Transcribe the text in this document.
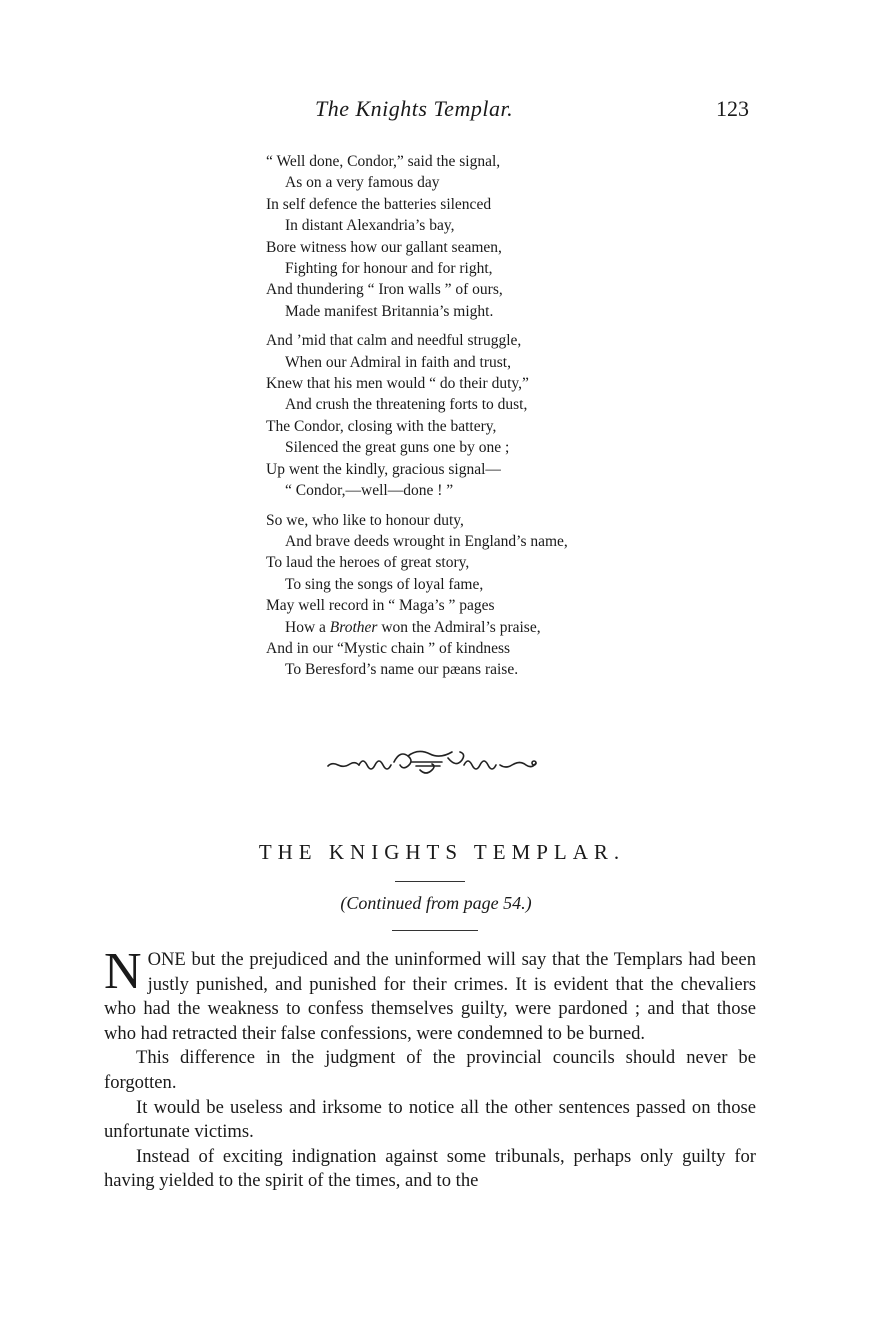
The Knights Templar.	123
“ Well done, Condor,” said the signal,
As on a very famous day
In self defence the batteries silenced
In distant Alexandria’s bay,
Bore witness how our gallant seamen,
Fighting for honour and for right,
And thundering “ Iron walls ” of ours,
Made manifest Britannia’s might.
And ’mid that calm and needful struggle,
When our Admiral in faith and trust,
Knew that his men would “ do their duty,”
And crush the threatening forts to dust,
The Condor, closing with the battery,
Silenced the great guns one by one ;
Up went the kindly, gracious signal—
“ Condor,—well—done ! ”
So we, who like to honour duty,
And brave deeds wrought in England’s name,
To laud the heroes of great story,
To sing the songs of loyal fame,
May well record in “ Maga’s ” pages
How a Brother won the Admiral’s praise,
And in our “Mystic chain ” of kindness
To Beresford’s name our pæans raise.
THE KNIGHTS TEMPLAR.
(Continued from page 54.)

NONE but the prejudiced and the uninformed will say that the Templars had been justly punished, and punished for their crimes. It is evident that the chevaliers who had the weakness to confess themselves guilty, were pardoned ; and that those who had retracted their false confessions, were condemned to be burned.

This difference in the judgment of the provincial councils should never be forgotten.

It would be useless and irksome to notice all the other sentences passed on those unfortunate victims.

Instead of exciting indignation against some tribunals, perhaps only guilty for having yielded to the spirit of the times, and to the
